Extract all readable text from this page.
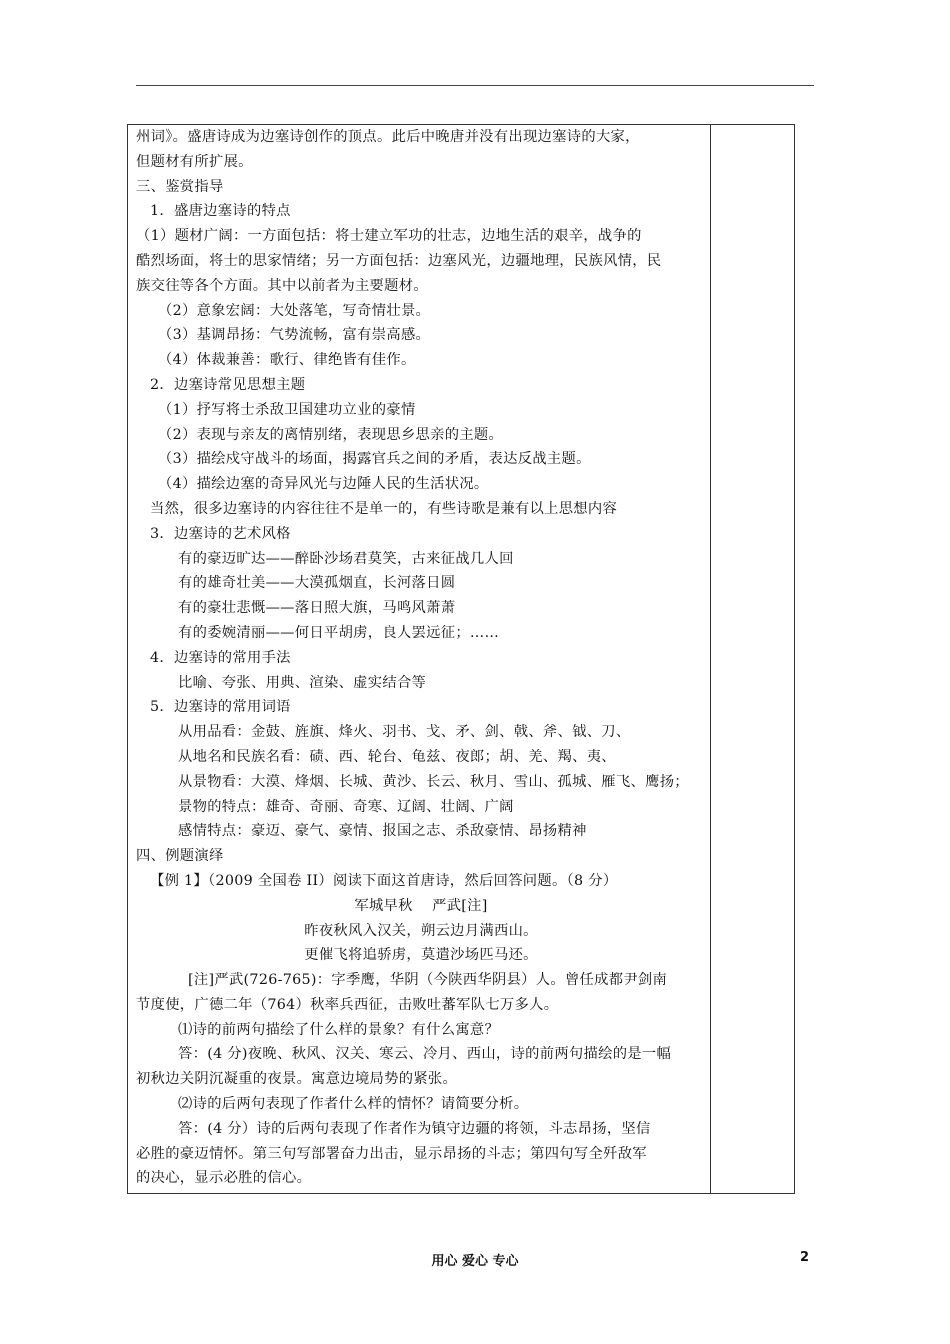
州词》。盛唐诗成为边塞诗创作的顶点。此后中晚唐并没有出现边塞诗的大家，
但题材有所扩展。
三、鉴赏指导
1．盛唐边塞诗的特点
（1）题材广阔：一方面包括：将士建立军功的壮志，边地生活的艰辛，战争的
酷烈场面，将士的思家情绪；另一方面包括：边塞风光，边疆地理，民族风情，民
族交往等各个方面。其中以前者为主要题材。
（2）意象宏阔：大处落笔，写奇情壮景。
（3）基调昂扬：气势流畅，富有崇高感。
（4）体裁兼善：歌行、律绝皆有佳作。
2．边塞诗常见思想主题
（1）抒写将士杀敌卫国建功立业的豪情
（2）表现与亲友的离情别绪，表现思乡思亲的主题。
（3）描绘戍守战斗的场面，揭露官兵之间的矛盾，表达反战主题。
（4）描绘边塞的奇异风光与边陲人民的生活状况。
当然，很多边塞诗的内容往往不是单一的，有些诗歌是兼有以上思想内容
3．边塞诗的艺术风格
有的豪迈旷达——醉卧沙场君莫笑，古来征战几人回
有的雄奇壮美——大漠孤烟直，长河落日圆
有的豪壮悲慨——落日照大旗，马鸣风萧萧
有的委婉清丽——何日平胡虏，良人罢远征；……
4．边塞诗的常用手法
比喻、夸张、用典、渲染、虚实结合等
5．边塞诗的常用词语
从用品看：金鼓、旌旗、烽火、羽书、戈、矛、剑、戟、斧、钺、刀、
从地名和民族名看：碛、西、轮台、龟兹、夜郎；胡、羌、羯、夷、
从景物看：大漠、烽烟、长城、黄沙、长云、秋月、雪山、孤城、雁飞、鹰扬；
景物的特点：雄奇、奇丽、奇寒、辽阔、壮阔、广阔
感情特点：豪迈、豪气、豪情、报国之志、杀敌豪情、昂扬精神
四、例题演绎
【例 1】（2009 全国卷 II）阅读下面这首唐诗，然后回答问题。（8 分）
军城早秋    严武[注]
昨夜秋风入汉关，朔云边月满西山。
更催飞将追骄虏，莫遣沙场匹马还。
[注]严武(726-765)：字季鹰，华阴（今陕西华阴县）人。曾任成都尹剑南
节度使，广德二年（764）秋率兵西征，击败吐蕃军队七万多人。
⑴诗的前两句描绘了什么样的景象？有什么寓意？
答：(4 分)夜晚、秋风、汉关、寒云、冷月、西山，诗的前两句描绘的是一幅
初秋边关阴沉凝重的夜景。寓意边境局势的紧张。
⑵诗的后两句表现了作者什么样的情怀？请简要分析。
答：(4 分）诗的后两句表现了作者作为镇守边疆的将领，斗志昂扬，坚信
必胜的豪迈情怀。第三句写部署奋力出击，显示昂扬的斗志；第四句写全歼敌军
的决心，显示必胜的信心。
用心 爱心 专心	2
